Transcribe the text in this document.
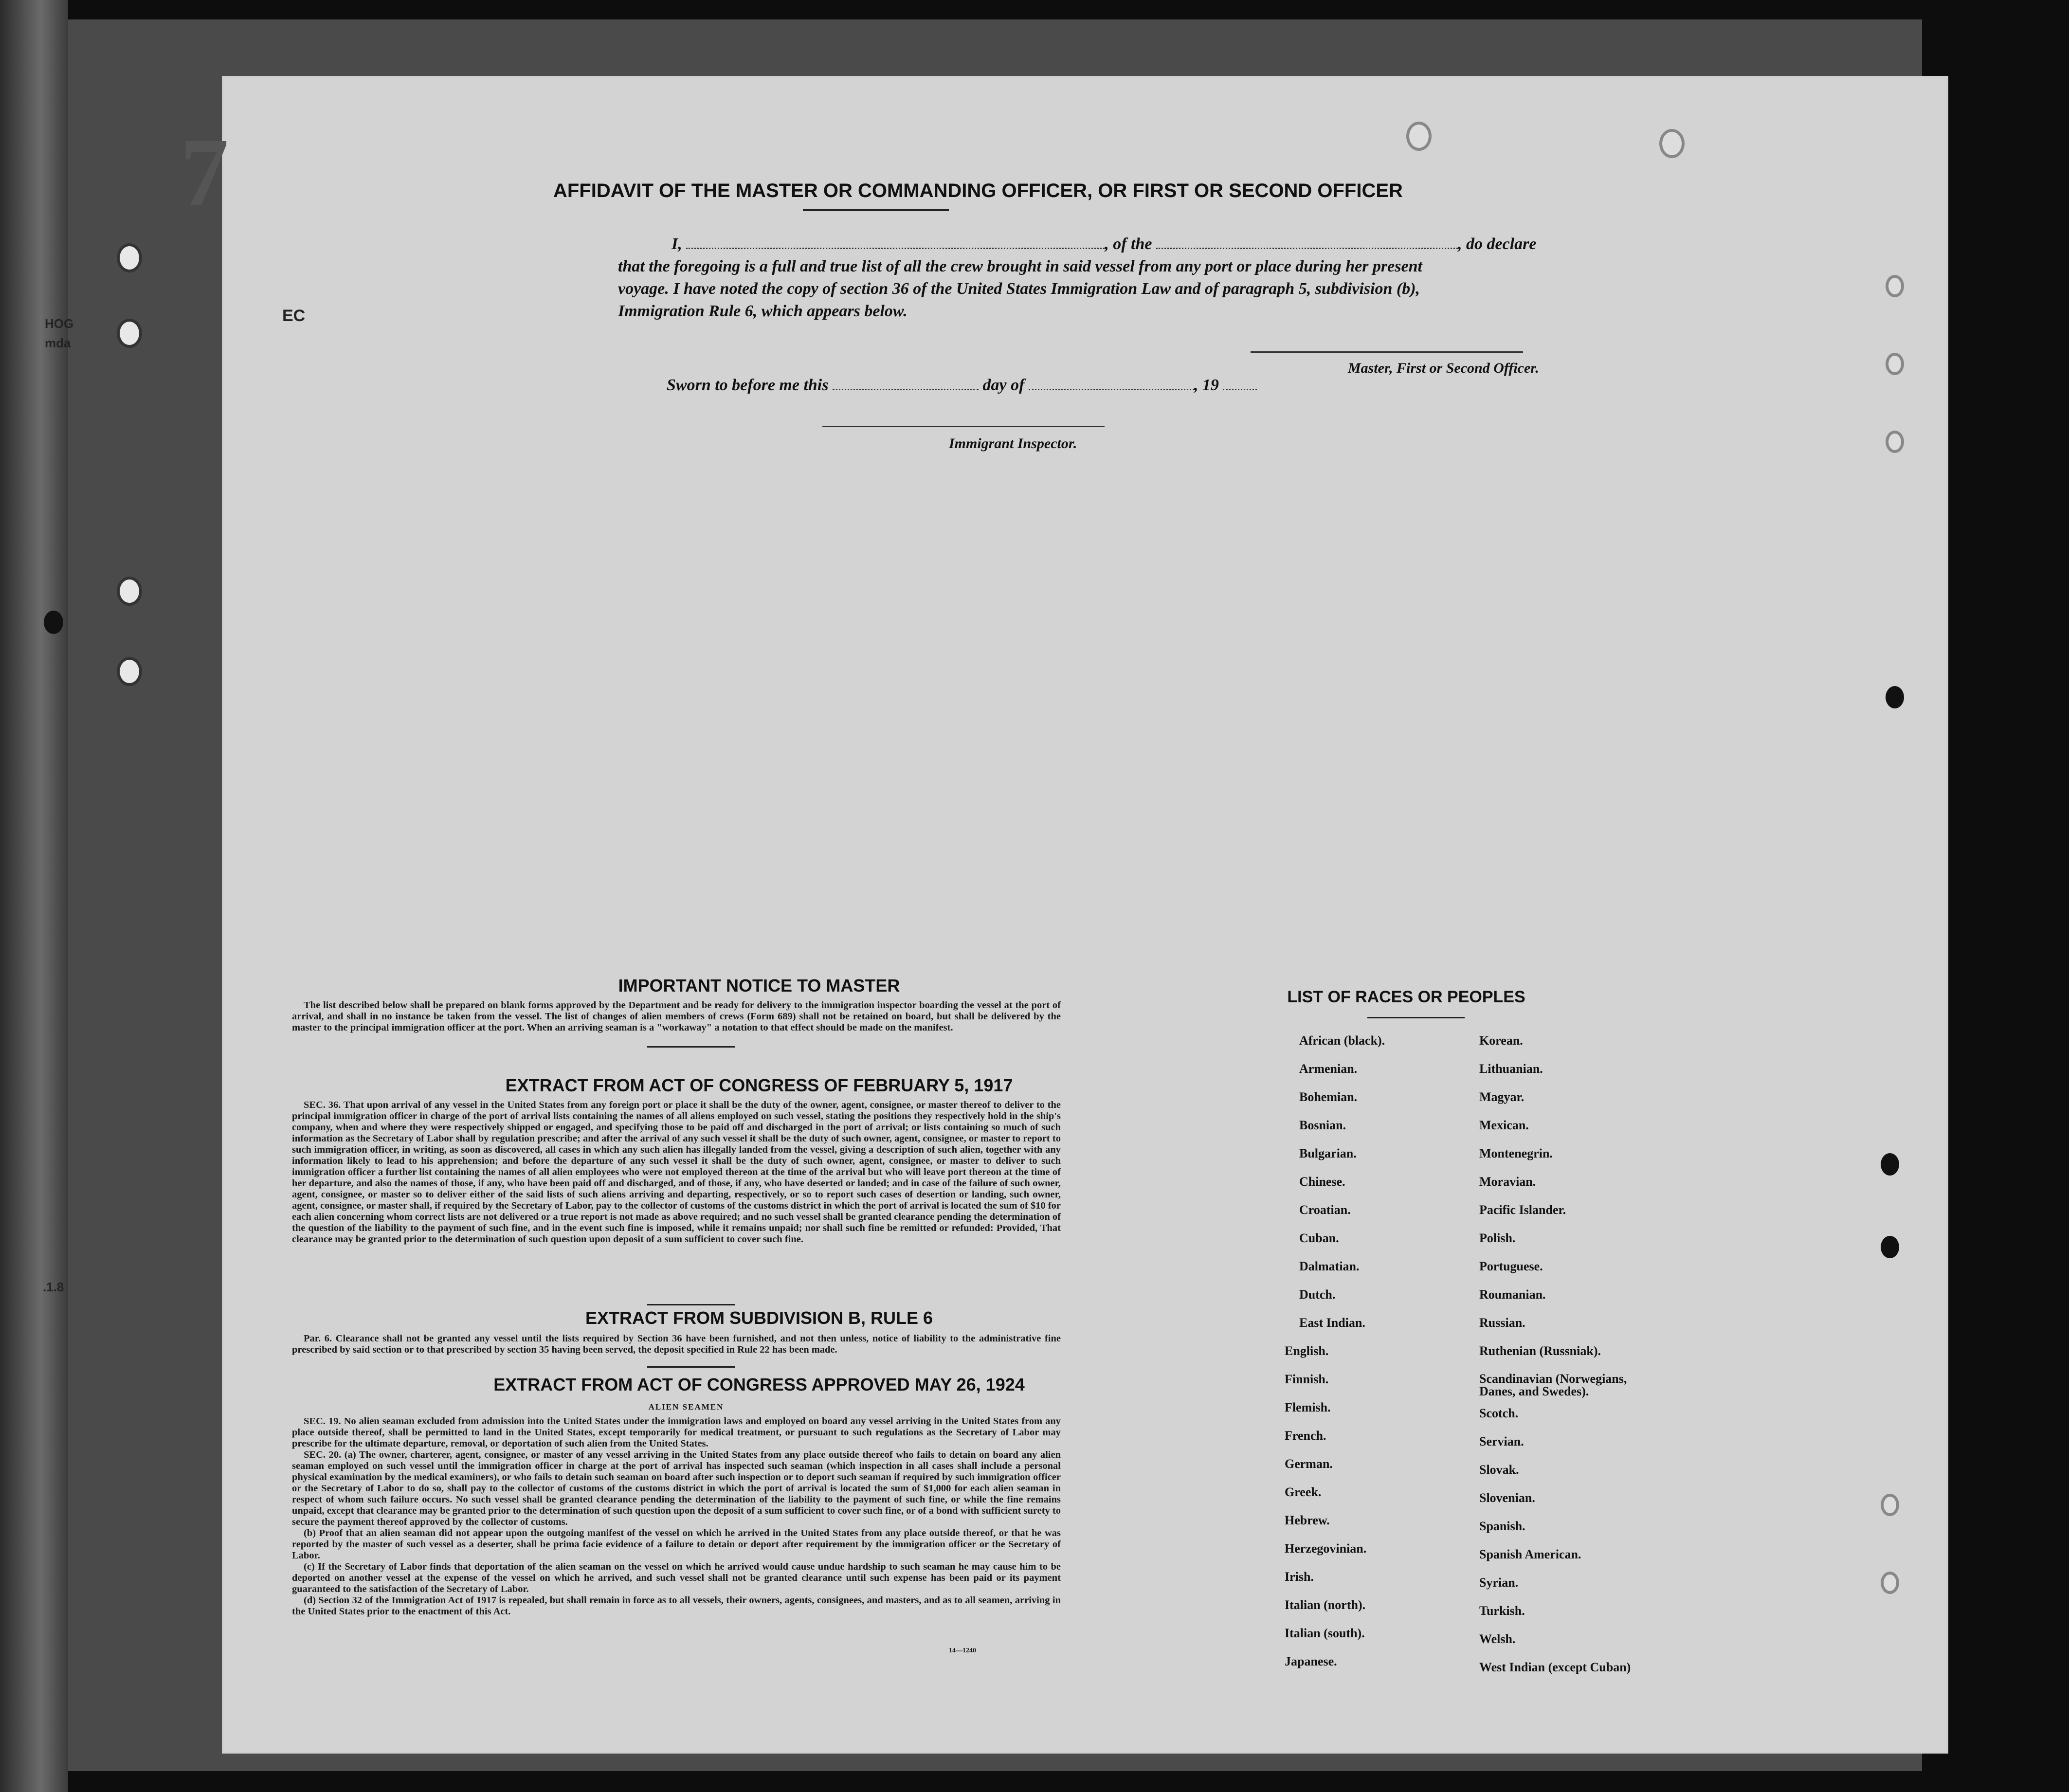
HOG
mda
.1.8
7
EC
AFFIDAVIT OF THE MASTER OR COMMANDING OFFICER, OR FIRST OR SECOND OFFICER
I,	, of the	, do declare
that the foregoing is a full and true list of all the crew brought in said vessel from any port or place during her present
voyage. I have noted the copy of section 36 of the United States Immigration Law and of paragraph 5, subdivision (b),
Immigration Rule 6, which appears below.
Master, First or Second Officer.
Sworn to before me this	day of	, 19
Immigrant Inspector.

IMPORTANT NOTICE TO MASTER

The list described below shall be prepared on blank forms approved by the Department and be ready for delivery to the immigration inspector boarding the vessel at the port of arrival, and shall in no instance be taken from the vessel. The list of changes of alien members of crews (Form 689) shall not be retained on board, but shall be delivered by the master to the principal immigration officer at the port. When an arriving seaman is a "workaway" a notation to that effect should be made on the manifest.

EXTRACT FROM ACT OF CONGRESS OF FEBRUARY 5, 1917

SEC. 36. That upon arrival of any vessel in the United States from any foreign port or place it shall be the duty of the owner, agent, consignee, or master thereof to deliver to the principal immigration officer in charge of the port of arrival lists containing the names of all aliens employed on such vessel, stating the positions they respectively hold in the ship's company, when and where they were respectively shipped or engaged, and specifying those to be paid off and discharged in the port of arrival; or lists containing so much of such information as the Secretary of Labor shall by regulation prescribe; and after the arrival of any such vessel it shall be the duty of such owner, agent, consignee, or master to report to such immigration officer, in writing, as soon as discovered, all cases in which any such alien has illegally landed from the vessel, giving a description of such alien, together with any information likely to lead to his apprehension; and before the departure of any such vessel it shall be the duty of such owner, agent, consignee, or master to deliver to such immigration officer a further list containing the names of all alien employees who were not employed thereon at the time of the arrival but who will leave port thereon at the time of her departure, and also the names of those, if any, who have been paid off and discharged, and of those, if any, who have deserted or landed; and in case of the failure of such owner, agent, consignee, or master so to deliver either of the said lists of such aliens arriving and departing, respectively, or so to report such cases of desertion or landing, such owner, agent, consignee, or master shall, if required by the Secretary of Labor, pay to the collector of customs of the customs district in which the port of arrival is located the sum of $10 for each alien concerning whom correct lists are not delivered or a true report is not made as above required; and no such vessel shall be granted clearance pending the determination of the question of the liability to the payment of such fine, and in the event such fine is imposed, while it remains unpaid; nor shall such fine be remitted or refunded: Provided, That clearance may be granted prior to the determination of such question upon deposit of a sum sufficient to cover such fine.

EXTRACT FROM SUBDIVISION B, RULE 6

Par. 6. Clearance shall not be granted any vessel until the lists required by Section 36 have been furnished, and not then unless, notice of liability to the administrative fine prescribed by said section or to that prescribed by section 35 having been served, the deposit specified in Rule 22 has been made.

EXTRACT FROM ACT OF CONGRESS APPROVED MAY 26, 1924
ALIEN SEAMEN

SEC. 19. No alien seaman excluded from admission into the United States under the immigration laws and employed on board any vessel arriving in the United States from any place outside thereof, shall be permitted to land in the United States, except temporarily for medical treatment, or pursuant to such regulations as the Secretary of Labor may prescribe for the ultimate departure, removal, or deportation of such alien from the United States.

SEC. 20. (a) The owner, charterer, agent, consignee, or master of any vessel arriving in the United States from any place outside thereof who fails to detain on board any alien seaman employed on such vessel until the immigration officer in charge at the port of arrival has inspected such seaman (which inspection in all cases shall include a personal physical examination by the medical examiners), or who fails to detain such seaman on board after such inspection or to deport such seaman if required by such immigration officer or the Secretary of Labor to do so, shall pay to the collector of customs of the customs district in which the port of arrival is located the sum of $1,000 for each alien seaman in respect of whom such failure occurs. No such vessel shall be granted clearance pending the determination of the liability to the payment of such fine, or while the fine remains unpaid, except that clearance may be granted prior to the determination of such question upon the deposit of a sum sufficient to cover such fine, or of a bond with sufficient surety to secure the payment thereof approved by the collector of customs.

(b) Proof that an alien seaman did not appear upon the outgoing manifest of the vessel on which he arrived in the United States from any place outside thereof, or that he was reported by the master of such vessel as a deserter, shall be prima facie evidence of a failure to detain or deport after requirement by the immigration officer or the Secretary of Labor.

(c) If the Secretary of Labor finds that deportation of the alien seaman on the vessel on which he arrived would cause undue hardship to such seaman he may cause him to be deported on another vessel at the expense of the vessel on which he arrived, and such vessel shall not be granted clearance until such expense has been paid or its payment guaranteed to the satisfaction of the Secretary of Labor.

(d) Section 32 of the Immigration Act of 1917 is repealed, but shall remain in force as to all vessels, their owners, agents, consignees, and masters, and as to all seamen, arriving in the United States prior to the enactment of this Act.

14—1240
LIST OF RACES OR PEOPLES
African (black).
Armenian.
Bohemian.
Bosnian.
Bulgarian.
Chinese.
Croatian.
Cuban.
Dalmatian.
Dutch.
East Indian.
English.
Finnish.
Flemish.
French.
German.
Greek.
Hebrew.
Herzegovinian.
Irish.
Italian (north).
Italian (south).
Japanese.
Korean.
Lithuanian.
Magyar.
Mexican.
Montenegrin.
Moravian.
Pacific Islander.
Polish.
Portuguese.
Roumanian.
Russian.
Ruthenian (Russniak).
Scandinavian (Norwegians, Danes, and Swedes).
Scotch.
Servian.
Slovak.
Slovenian.
Spanish.
Spanish American.
Syrian.
Turkish.
Welsh.
West Indian (except Cuban)
